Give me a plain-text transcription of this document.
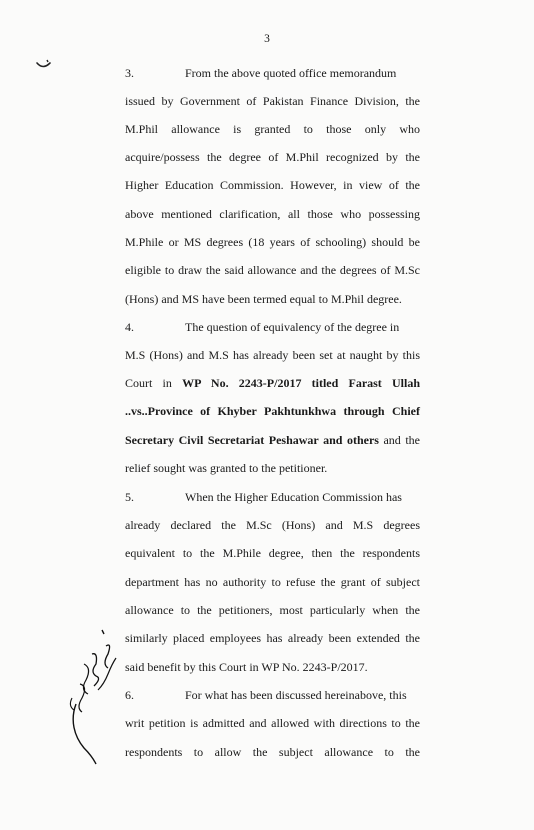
3
3.	From the above quoted office memorandum
issued by Government of Pakistan Finance Division, the
M.Phil allowance is granted to those only who
acquire/possess the degree of M.Phil recognized by the
Higher Education Commission. However, in view of the
above mentioned clarification, all those who possessing
M.Phile or MS degrees (18 years of schooling) should be
eligible to draw the said allowance and the degrees of M.Sc
(Hons) and MS have been termed equal to M.Phil degree.
4.	The question of equivalency of the degree in
M.S (Hons) and M.S has already been set at naught by this
Court in WP No. 2243-P/2017 titled Farast Ullah
..vs..Province of Khyber Pakhtunkhwa through Chief
Secretary Civil Secretariat Peshawar and others and the
relief sought was granted to the petitioner.
5.	When the Higher Education Commission has
already declared the M.Sc (Hons) and M.S degrees
equivalent to the M.Phile degree, then the respondents
department has no authority to refuse the grant of subject
allowance to the petitioners, most particularly when the
similarly placed employees has already been extended the
said benefit by this Court in WP No. 2243-P/2017.
6.	For what has been discussed hereinabove, this
writ petition is admitted and allowed with directions to the
respondents to allow the subject allowance to the
